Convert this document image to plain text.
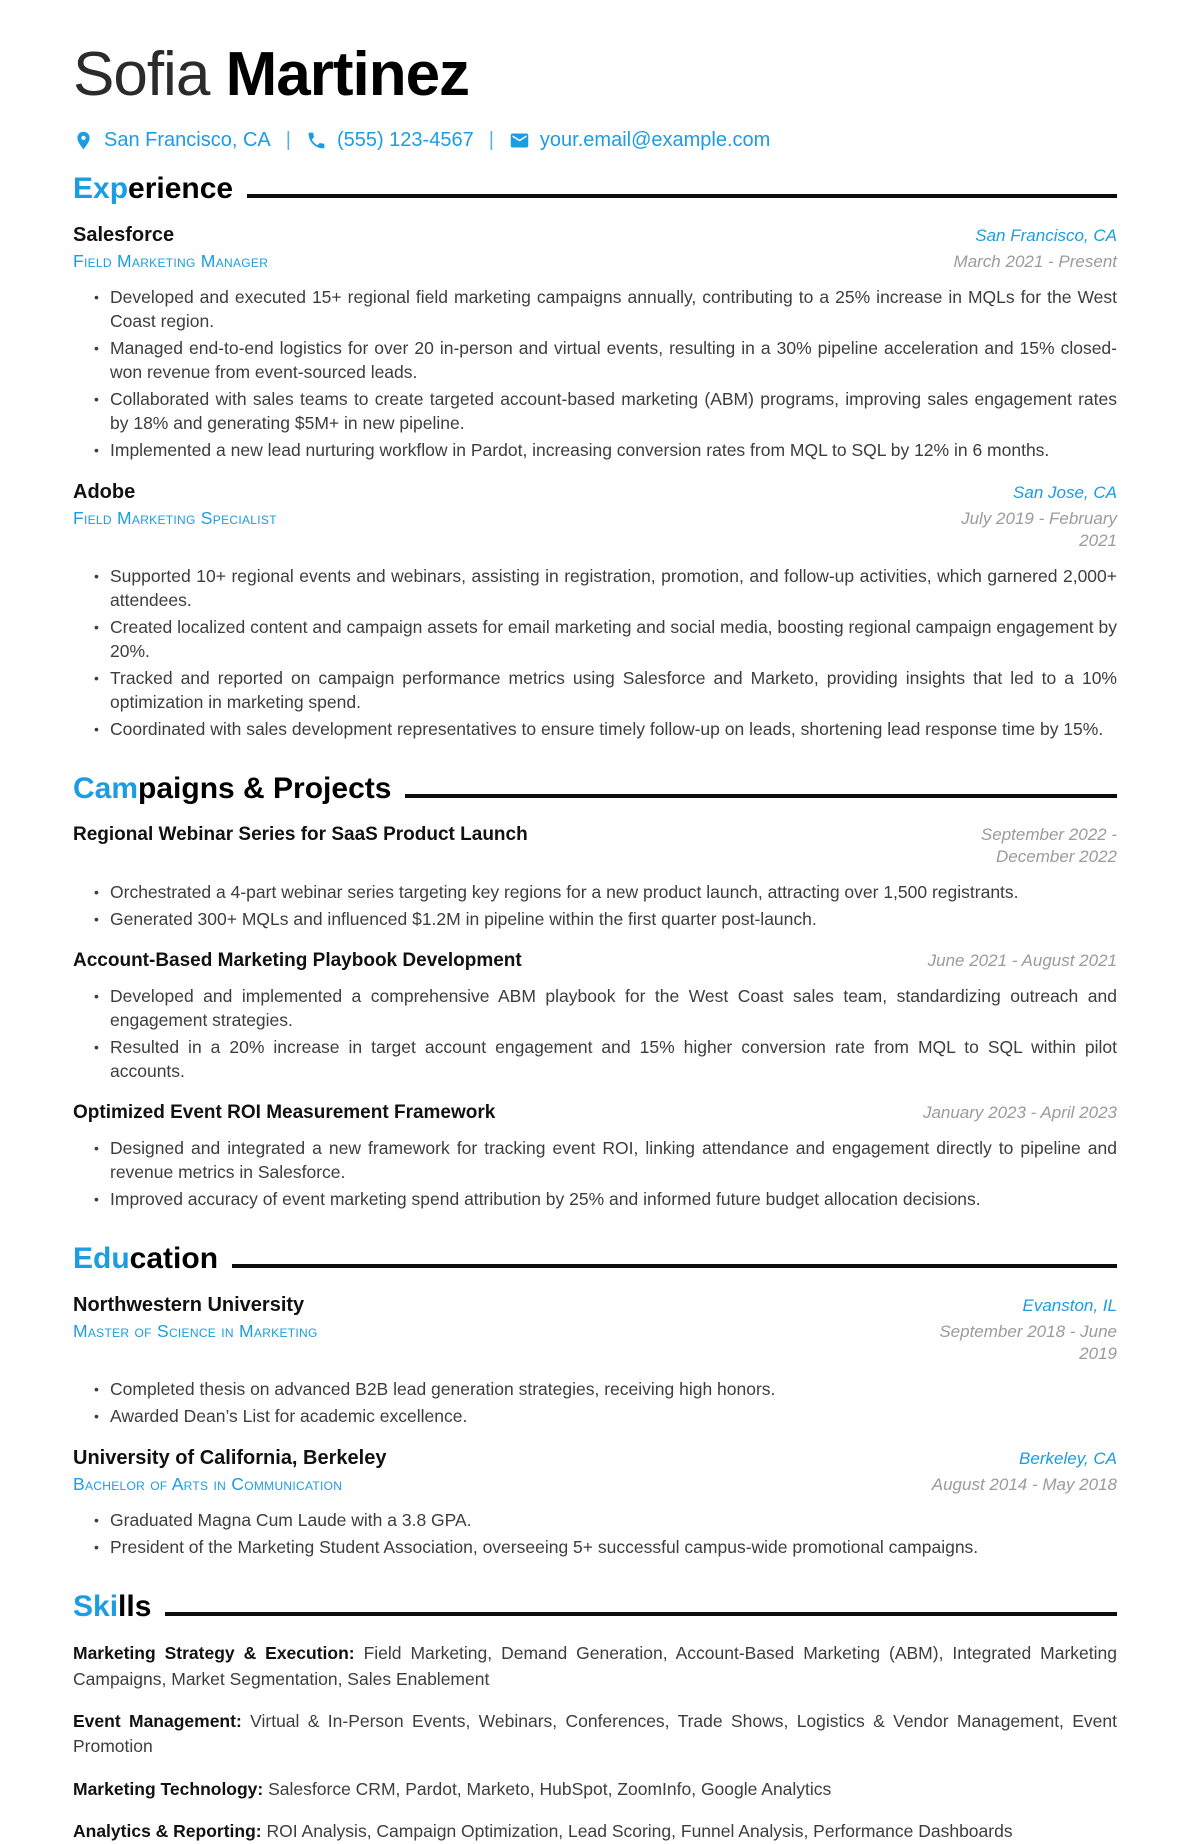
Sofia Martinez
San Francisco, CA | (555) 123-4567 | your.email@example.com
Exp erience
Salesforce	San Francisco, CA
Field Marketing Manager	March 2021 - Present
• Developed and executed 15+ regional field marketing campaigns annually, contributing to a 25% increase in MQLs for the West Coast region.
• Managed end-to-end logistics for over 20 in-person and virtual events, resulting in a 30% pipeline acceleration and 15% closed-won revenue from event-sourced leads.
• Collaborated with sales teams to create targeted account-based marketing (ABM) programs, improving sales engagement rates by 18% and generating $5M+ in new pipeline.
• Implemented a new lead nurturing workflow in Pardot, increasing conversion rates from MQL to SQL by 12% in 6 months.
Adobe	San Jose, CA
Field Marketing Specialist	July 2019 - February 2021
• Supported 10+ regional events and webinars, assisting in registration, promotion, and follow-up activities, which garnered 2,000+ attendees.
• Created localized content and campaign assets for email marketing and social media, boosting regional campaign engagement by 20%.
• Tracked and reported on campaign performance metrics using Salesforce and Marketo, providing insights that led to a 10% optimization in marketing spend.
• Coordinated with sales development representatives to ensure timely follow-up on leads, shortening lead response time by 15%.
Cam paigns & Projects
Regional Webinar Series for SaaS Product Launch	September 2022 - December 2022
• Orchestrated a 4-part webinar series targeting key regions for a new product launch, attracting over 1,500 registrants.
• Generated 300+ MQLs and influenced $1.2M in pipeline within the first quarter post-launch.
Account-Based Marketing Playbook Development	June 2021 - August 2021
• Developed and implemented a comprehensive ABM playbook for the West Coast sales team, standardizing outreach and engagement strategies.
• Resulted in a 20% increase in target account engagement and 15% higher conversion rate from MQL to SQL within pilot accounts.
Optimized Event ROI Measurement Framework	January 2023 - April 2023
• Designed and integrated a new framework for tracking event ROI, linking attendance and engagement directly to pipeline and revenue metrics in Salesforce.
• Improved accuracy of event marketing spend attribution by 25% and informed future budget allocation decisions.
Edu cation
Northwestern University	Evanston, IL
Master of Science in Marketing	September 2018 - June 2019
• Completed thesis on advanced B2B lead generation strategies, receiving high honors.
• Awarded Dean’s List for academic excellence.
University of California, Berkeley	Berkeley, CA
Bachelor of Arts in Communication	August 2014 - May 2018
• Graduated Magna Cum Laude with a 3.8 GPA.
• President of the Marketing Student Association, overseeing 5+ successful campus-wide promotional campaigns.
Ski lls

Marketing Strategy & Execution: Field Marketing, Demand Generation, Account-Based Marketing (ABM), Integrated Marketing Campaigns, Market Segmentation, Sales Enablement

Event Management: Virtual & In-Person Events, Webinars, Conferences, Trade Shows, Logistics & Vendor Management, Event Promotion

Marketing Technology: Salesforce CRM, Pardot, Marketo, HubSpot, ZoomInfo, Google Analytics

Analytics & Reporting: ROI Analysis, Campaign Optimization, Lead Scoring, Funnel Analysis, Performance Dashboards
